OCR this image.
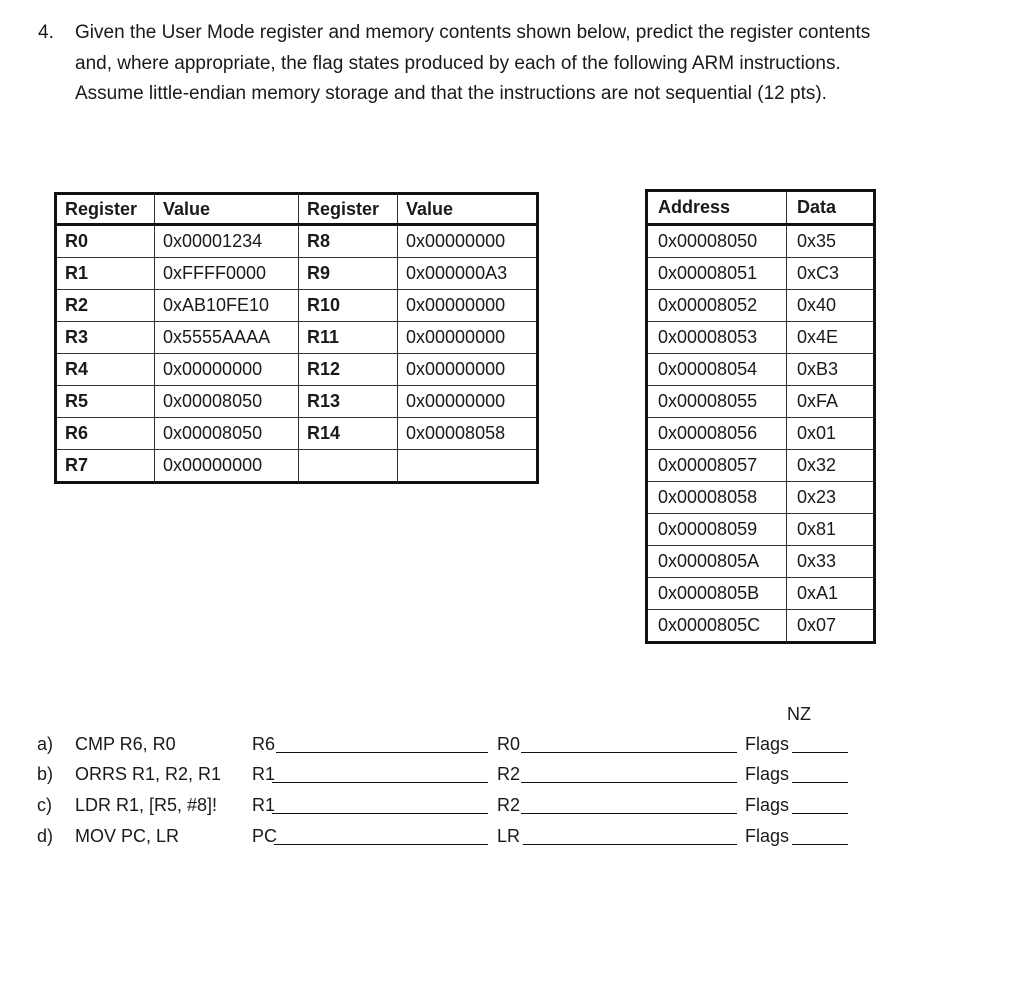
4. Given the User Mode register and memory contents shown below, predict the register contents
and, where appropriate, the flag states produced by each of the following ARM instructions.
Assume little-endian memory storage and that the instructions are not sequential (12 pts).
Register	Value	Register	Value
R0	0x00001234	R8	0x00000000
R1	0xFFFF0000	R9	0x000000A3
R2	0xAB10FE10	R10	0x00000000
R3	0x5555AAAA	R11	0x00000000
R4	0x00000000	R12	0x00000000
R5	0x00008050	R13	0x00000000
R6	0x00008050	R14	0x00008058
R7	0x00000000		
Address	Data
0x00008050	0x35
0x00008051	0xC3
0x00008052	0x40
0x00008053	0x4E
0x00008054	0xB3
0x00008055	0xFA
0x00008056	0x01
0x00008057	0x32
0x00008058	0x23
0x00008059	0x81
0x0000805A	0x33
0x0000805B	0xA1
0x0000805C	0x07
NZ
a) CMP R6, R0	R6	R0	Flags
b) ORRS R1, R2, R1 R1	R2	Flags
c) LDR R1, [R5, #8]! R1	R2	Flags
d) MOV PC, LR	PC	LR	Flags
